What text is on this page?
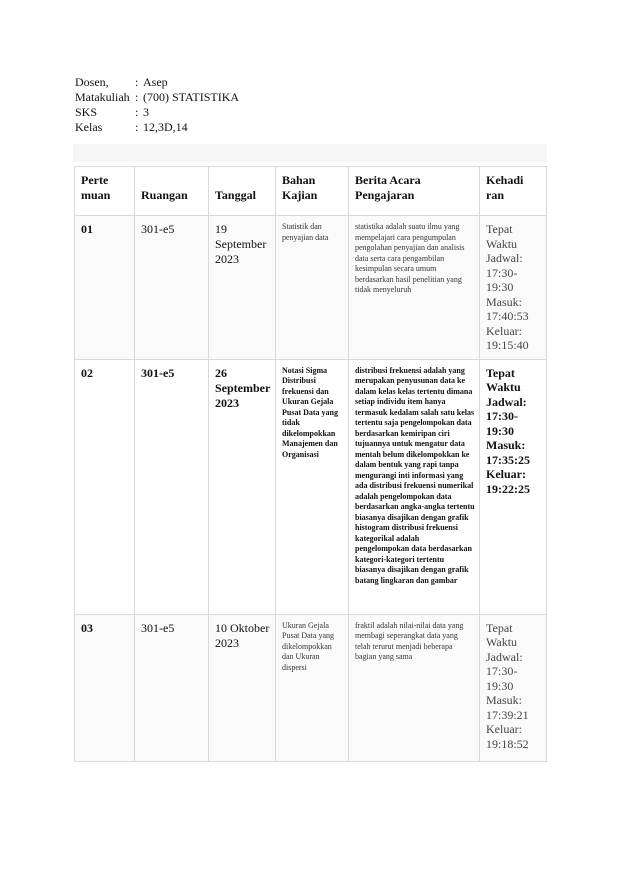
Dosen,	: Asep
Matakuliah : (700) STATISTIKA
SKS	: 3
Kelas	: 12,3D,14
Perte muan	Ruangan	Tanggal	Bahan Kajian	Berita Acara Pengajaran	Kehadi ran
01	301-e5	19 September 2023	Statistik dan penyajian data	statistika adalah suatu ilmu yang mempelajari cara pengumpulan pengolahan penyajian dan analisis data serta cara pengambilan kesimpulan secara umum berdasarkan hasil penelitian yang tidak menyeluruh	Tepat Waktu Jadwal: 17:30-19:30 Masuk: 17:40:53 Keluar: 19:15:40
02	301-e5	26 September 2023	Notasi Sigma Distribusi frekuensi dan Ukuran Gejala Pusat Data yang tidak dikelompokkan Manajemen dan Organisasi	distribusi frekuensi adalah yang merupakan penyusunan data ke dalam kelas kelas tertentu dimana setiap individu item hanya termasuk kedalam salah satu kelas tertentu saja pengelompokan data berdasarkan kemiripan ciri tujuannya untuk mengatur data mentah belum dikelompokkan ke dalam bentuk yang rapi tanpa mengurangi inti informasi yang ada distribusi frekuensi numerikal adalah pengelompokan data berdasarkan angka-angka tertentu biasanya disajikan dengan grafik histogram distribusi frekuensi kategorikal adalah pengelompokan data berdasarkan kategori-kategori tertentu biasanya disajikan dengan grafik batang lingkaran dan gambar	Tepat Waktu Jadwal: 17:30-19:30 Masuk: 17:35:25 Keluar: 19:22:25
03	301-e5	10 Oktober 2023	Ukuran Gejala Pusat Data yang dikelompokkan dan Ukuran dispersi	fraktil adalah nilai-nilai data yang membagi seperangkat data yang telah terurut menjadi beberapa bagian yang sama	Tepat Waktu Jadwal: 17:30-19:30 Masuk: 17:39:21 Keluar: 19:18:52
